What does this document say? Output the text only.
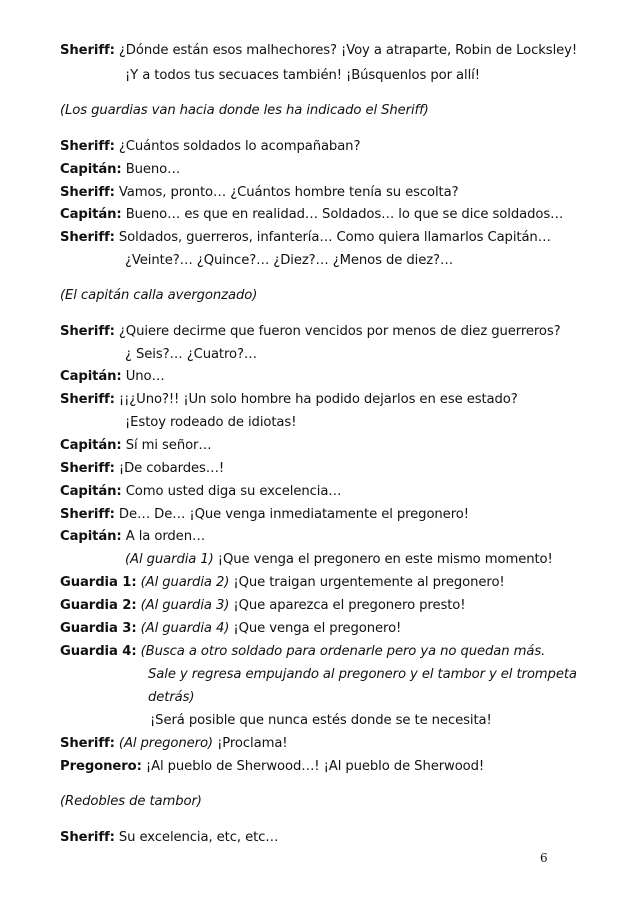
Sheriff: ¿Dónde están esos malhechores? ¡Voy a atraparte, Robin de Locksley!
¡Y a todos tus secuaces también! ¡Búsquenlos por allí!
(Los guardias van hacia donde les ha indicado el Sheriff)
Sheriff: ¿Cuántos soldados lo acompañaban?
Capitán: Bueno…
Sheriff: Vamos, pronto… ¿Cuántos hombre tenía su escolta?
Capitán: Bueno… es que en realidad… Soldados… lo que se dice soldados…
Sheriff: Soldados, guerreros, infantería… Como quiera llamarlos Capitán…
¿Veinte?… ¿Quince?… ¿Diez?… ¿Menos de diez?…
(El capitán calla avergonzado)
Sheriff: ¿Quiere decirme que fueron vencidos por menos de diez guerreros?
¿ Seis?… ¿Cuatro?…
Capitán: Uno…
Sheriff: ¡¡¿Uno?!! ¡Un solo hombre ha podido dejarlos en ese estado?
¡Estoy rodeado de idiotas!
Capitán: Sí mi señor…
Sheriff: ¡De cobardes…!
Capitán: Como usted diga su excelencia…
Sheriff: De… De… ¡Que venga inmediatamente el pregonero!
Capitán: A la orden…
(Al guardia 1) ¡Que venga el pregonero en este mismo momento!
Guardia 1: (Al guardia 2) ¡Que traigan urgentemente al pregonero!
Guardia 2: (Al guardia 3) ¡Que aparezca el pregonero presto!
Guardia 3: (Al guardia 4) ¡Que venga el pregonero!
Guardia 4: (Busca a otro soldado para ordenarle pero ya no quedan más.
Sale y regresa empujando al pregonero y el tambor y el trompeta
detrás)
¡Será posible que nunca estés donde se te necesita!
Sheriff: (Al pregonero) ¡Proclama!
Pregonero: ¡Al pueblo de Sherwood…! ¡Al pueblo de Sherwood!
(Redobles de tambor)
Sheriff: Su excelencia, etc, etc…
6
